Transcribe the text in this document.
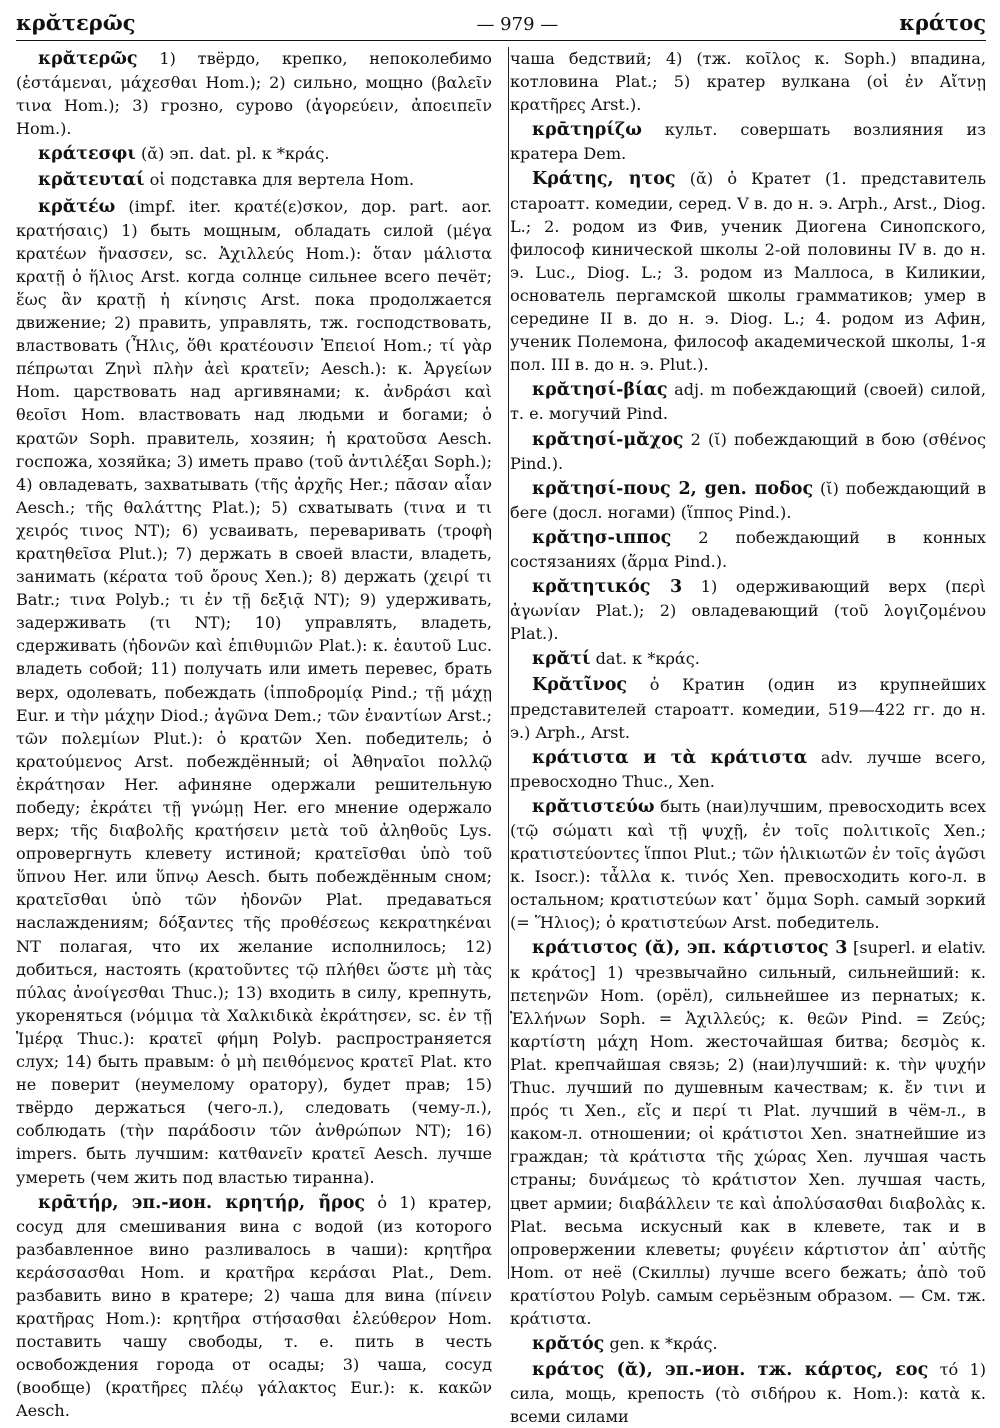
κρᾰτερῶς	— 979 —	κράτος

κρᾰτερῶς 1) твёрдо, крепко, непоколебимо (ἑστάμεναι, μάχεσθαι Hom.); 2) сильно, мощно (βαλεῖν τινα Hom.); 3) грозно, сурово (ἀγορεύειν, ἀποειπεῖν Hom.).

κράτεσφι (ᾰ) эп. dat. pl. к *κράς.

κρᾰτευταί οἱ подставка для вертела Hom.

κρᾰτέω (impf. iter. κρατέ(ε)σκον, дор. part. aor. κρατήσαις) 1) быть мощным, обладать силой (μέγα κρατέων ἤνασσεν, sc. Ἀχιλλεύς Hom.): ὅταν μάλιστα κρατῇ ὁ ἥλιος Arst. когда солнце сильнее всего печёт; ἕως ἂν κρατῇ ἡ κίνησις Arst. пока продолжается движение; 2) править, управлять, тж. господствовать, властвовать (Ἦλις, ὅθι κρατέουσιν Ἐπειοί Hom.; τί γὰρ πέπρωται Ζηνὶ πλὴν ἀεὶ κρατεῖν; Aesch.): κ. Ἀργείων Hom. царствовать над аргивянами; κ. ἀνδράσι καὶ θεοῖσι Hom. властвовать над людьми и богами; ὁ κρατῶν Soph. правитель, хозяин; ἡ κρατοῦσα Aesch. госпожа, хозяйка; 3) иметь право (τοῦ ἀντιλέξαι Soph.); 4) овладевать, захватывать (τῆς ἀρχῆς Her.; πᾶσαν αἶαν Aesch.; τῆς θαλάττης Plat.); 5) схватывать (τινα и τι χειρός τινος NT); 6) усваивать, переваривать (τροφὴ κρατηθεῖσα Plut.); 7) держать в своей власти, владеть, занимать (κέρατα τοῦ ὄρους Xen.); 8) держать (χειρί τι Batr.; τινα Polyb.; τι ἐν τῇ δεξιᾷ NT); 9) удерживать, задерживать (τι NT); 10) управлять, владеть, сдерживать (ἡδονῶν καὶ ἐπιθυμιῶν Plat.): κ. ἑαυτοῦ Luc. владеть собой; 11) получать или иметь перевес, брать верх, одолевать, побеждать (ἱπποδρομίᾳ Pind.; τῇ μάχῃ Eur. и τὴν μάχην Diod.; ἀγῶνα Dem.; τῶν ἐναντίων Arst.; τῶν πολεμίων Plut.): ὁ κρατῶν Xen. победитель; ὁ κρατούμενος Arst. побеждённый; οἱ Ἀθηναῖοι πολλῷ ἐκράτησαν Her. афиняне одержали решительную победу; ἐκράτει τῇ γνώμῃ Her. его мнение одержало верх; τῆς διαβολῆς κρατήσειν μετὰ τοῦ ἀληθοῦς Lys. опровергнуть клевету истиной; κρατεῖσθαι ὑπὸ τοῦ ὕπνου Her. или ὕπνῳ Aesch. быть побеждённым сном; κρατεῖσθαι ὑπὸ τῶν ἡδονῶν Plat. предаваться наслаждениям; δόξαντες τῆς προθέσεως κεκρατηκέναι NT полагая, что их желание исполнилось; 12) добиться, настоять (κρατοῦντες τῷ πλήθει ὥστε μὴ τὰς πύλας ἀνοίγεσθαι Thuc.); 13) входить в силу, крепнуть, укореняться (νόμιμα τὰ Χαλκιδικὰ ἐκράτησεν, sc. ἐν τῇ Ἱμέρᾳ Thuc.): κρατεῖ φήμη Polyb. распространяется слух; 14) быть правым: ὁ μὴ πειθόμενος κρατεῖ Plat. кто не поверит (неумелому оратору), будет прав; 15) твёрдо держаться (чего-л.), следовать (чему-л.), соблюдать (τὴν παράδοσιν τῶν ἀνθρώπων NT); 16) impers. быть лучшим: κατθανεῖν κρατεῖ Aesch. лучше умереть (чем жить под властью тиранна).

κρᾱτήρ, эп.-ион. κρητήρ, ῆρος ὁ 1) кратер, сосуд для смешивания вина с водой (из которого разбавленное вино разливалось в чаши): κρητῆρα κεράσσασθαι Hom. и κρατῆρα κεράσαι Plat., Dem. разбавить вино в кратере; 2) чаша для вина (πίνειν κρατῆρας Hom.): κρητῆρα στήσασθαι ἐλεύθερον Hom. поставить чашу свободы, т. е. пить в честь освобождения города от осады; 3) чаша, сосуд (вообще) (κρατῆρες πλέῳ γάλακτος Eur.): κ. κακῶν Aesch.

чаша бедствий; 4) (тж. κοῖλος κ. Soph.) впадина, котловина Plat.; 5) кратер вулкана (οἱ ἐν Αἴτνῃ κρατῆρες Arst.).

κρᾱτηρίζω культ. совершать возлияния из кратера Dem.

Κράτης, ητος (ᾰ) ὁ Кратет (1. представитель староатт. комедии, серед. V в. до н. э. Arph., Arst., Diog. L.; 2. родом из Фив, ученик Диогена Синопского, философ кинической школы 2-ой половины IV в. до н. э. Luc., Diog. L.; 3. родом из Маллоса, в Киликии, основатель пергамской школы грамматиков; умер в середине II в. до н. э. Diog. L.; 4. родом из Афин, ученик Полемона, философ академической школы, 1-я пол. III в. до н. э. Plut.).

κρᾰτησί-βίας adj. m побеждающий (своей) силой, т. е. могучий Pind.

κρᾰτησί-μᾰχος 2 (ῐ) побеждающий в бою (σθένος Pind.).

κρᾰτησί-πους 2, gen. ποδος (ῐ) побеждающий в беге (досл. ногами) (ἵππος Pind.).

κρᾰτησ-ιππος 2 побеждающий в конных состязаниях (ἅρμα Pind.).

κρᾰτητικός 3 1) одерживающий верх (περὶ ἀγωνίαν Plat.); 2) овладевающий (τοῦ λογιζομένου Plat.).

κρᾰτί dat. к *κράς.

Κρᾰτῖνος ὁ Кратин (один из крупнейших представителей староатт. комедии, 519—422 гг. до н. э.) Arph., Arst.

κράτιστα и τὰ κράτιστα adv. лучше всего, превосходно Thuc., Xen.

κρᾰτιστεύω быть (наи)лучшим, превосходить всех (τῷ σώματι καὶ τῇ ψυχῇ, ἐν τοῖς πολιτικοῖς Xen.; κρατιστεύοντες ἵπποι Plut.; τῶν ἡλικιωτῶν ἐν τοῖς ἀγῶσι κ. Isocr.): τἆλλα κ. τινός Xen. превосходить кого-л. в остальном; κρατιστεύων κατ᾽ ὄμμα Soph. самый зоркий (= Ἥλιος); ὁ κρατιστεύων Arst. победитель.

κράτιστος (ᾰ), эп. κάρτιστος 3 [superl. и elativ. к κράτος] 1) чрезвычайно сильный, сильнейший: κ. πετεηνῶν Hom. (орёл), сильнейшее из пернатых; κ. Ἑλλήνων Soph. = Ἀχιλλεύς; κ. θεῶν Pind. = Ζεύς; καρτίστη μάχη Hom. жесточайшая битва; δεσμὸς κ. Plat. крепчайшая связь; 2) (наи)лучший: κ. τὴν ψυχήν Thuc. лучший по душевным качествам; κ. ἔν τινι и πρός τι Xen., εἴς и περί τι Plat. лучший в чём-л., в каком-л. отношении; οἱ κράτιστοι Xen. знатнейшие из граждан; τὰ κράτιστα τῆς χώρας Xen. лучшая часть страны; δυνάμεως τὸ κράτιστον Xen. лучшая часть, цвет армии; διαβάλλειν τε καὶ ἀπολύσασθαι διαβολὰς κ. Plat. весьма искусный как в клевете, так и в опровержении клеветы; φυγέειν κάρτιστον ἀπ᾽ αὐτῆς Hom. от неё (Скиллы) лучше всего бежать; ἀπὸ τοῦ κρατίστου Polyb. самым серьёзным образом. — См. тж. κράτιστα.

κρᾰτός gen. к *κράς.

κράτος (ᾰ), эп.-ион. тж. κάρτος, εος τό 1) сила, мощь, крепость (τὸ σιδήρου κ. Hom.): κατὰ κ. всеми силами
